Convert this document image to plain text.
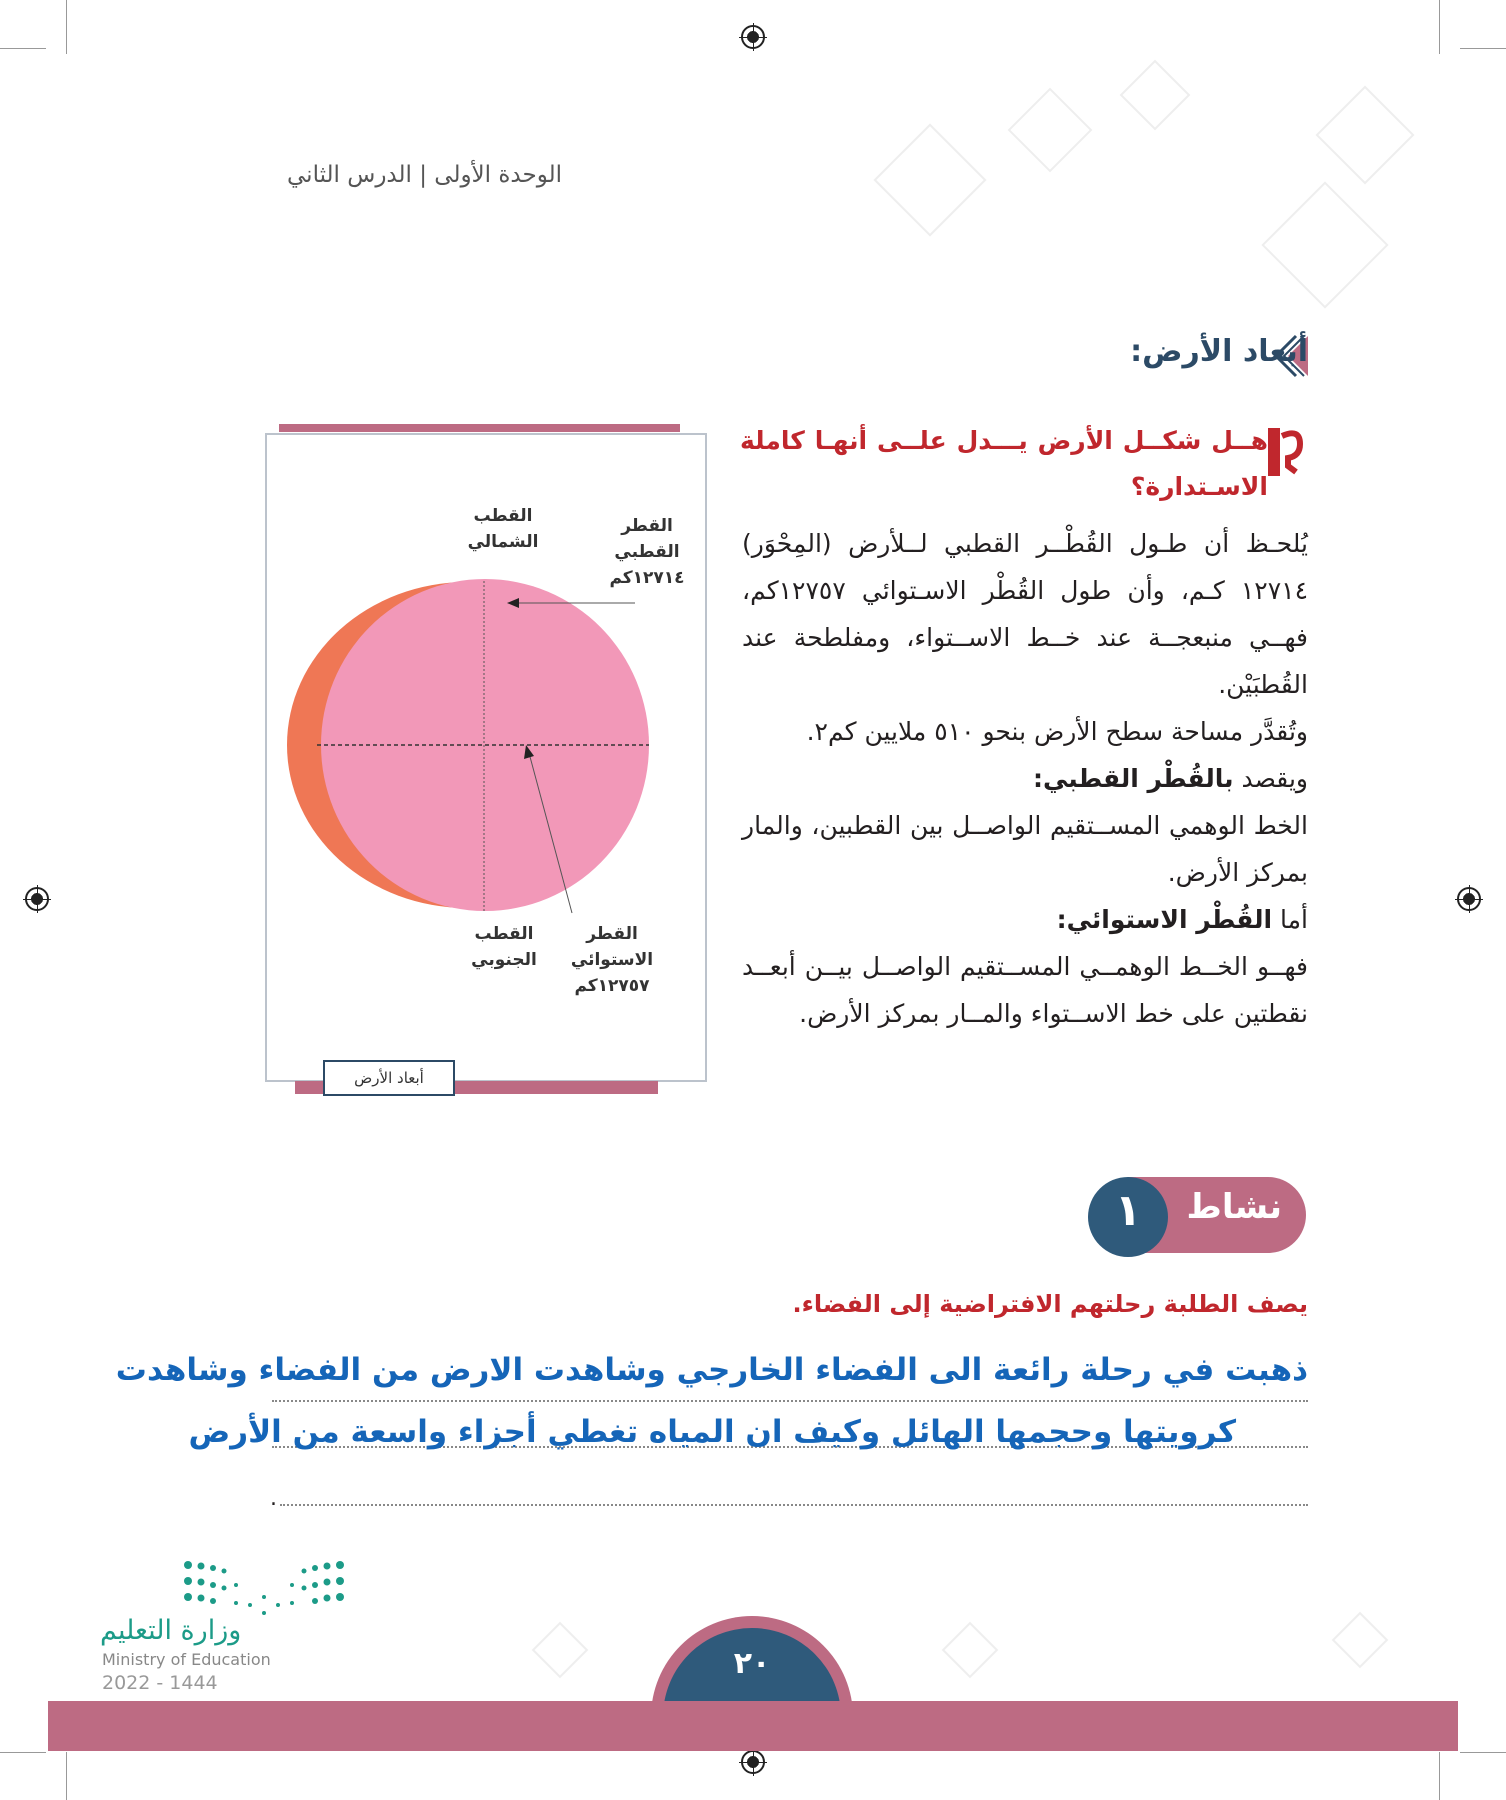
الوحدة الأولى | الدرس الثاني
أبعاد الأرض:
هــل شكــل الأرض يـــدل علــى أنهـا كاملة الاسـتدارة؟

يُلحـظ أن طـول القُطْــر القطبي لــلأرض (المِحْوَر) ١٢٧١٤ كـم، وأن طول القُطْر الاسـتوائي ١٢٧٥٧كم، فهــي منبعجــة عند خــط الاســتواء، ومفلطحة عند القُطبَيْن.

وتُقدَّر مساحة سطح الأرض بنحو ٥١٠ ملايين كم٢.

ويقصد بالقُطْر القطبي:

الخط الوهمي المســتقيم الواصــل بين القطبين، والمار بمركز الأرض.

أما القُطْر الاستوائي:

فهــو الخــط الوهمــي المســتقيم الواصــل بيــن أبعــد نقطتين على خط الاســتواء والمــار بمركز الأرض.

القطب الشمالي
القطر القطبي ١٢٧١٤كم
القطب الجنوبي
القطر الاستوائي ١٢٧٥٧كم
أبعاد الأرض
نشاط
١
يصف الطلبة رحلتهم الافتراضية إلى الفضاء.
ذهبت في رحلة رائعة الى الفضاء الخارجي وشاهدت الارض من الفضاء وشاهدت
كرويتها وحجمها الهائل وكيف ان المياه تغطي أجزاء واسعة من الأرض
.
وزارة التعليم
Ministry of Education
2022 - 1444
٢٠
